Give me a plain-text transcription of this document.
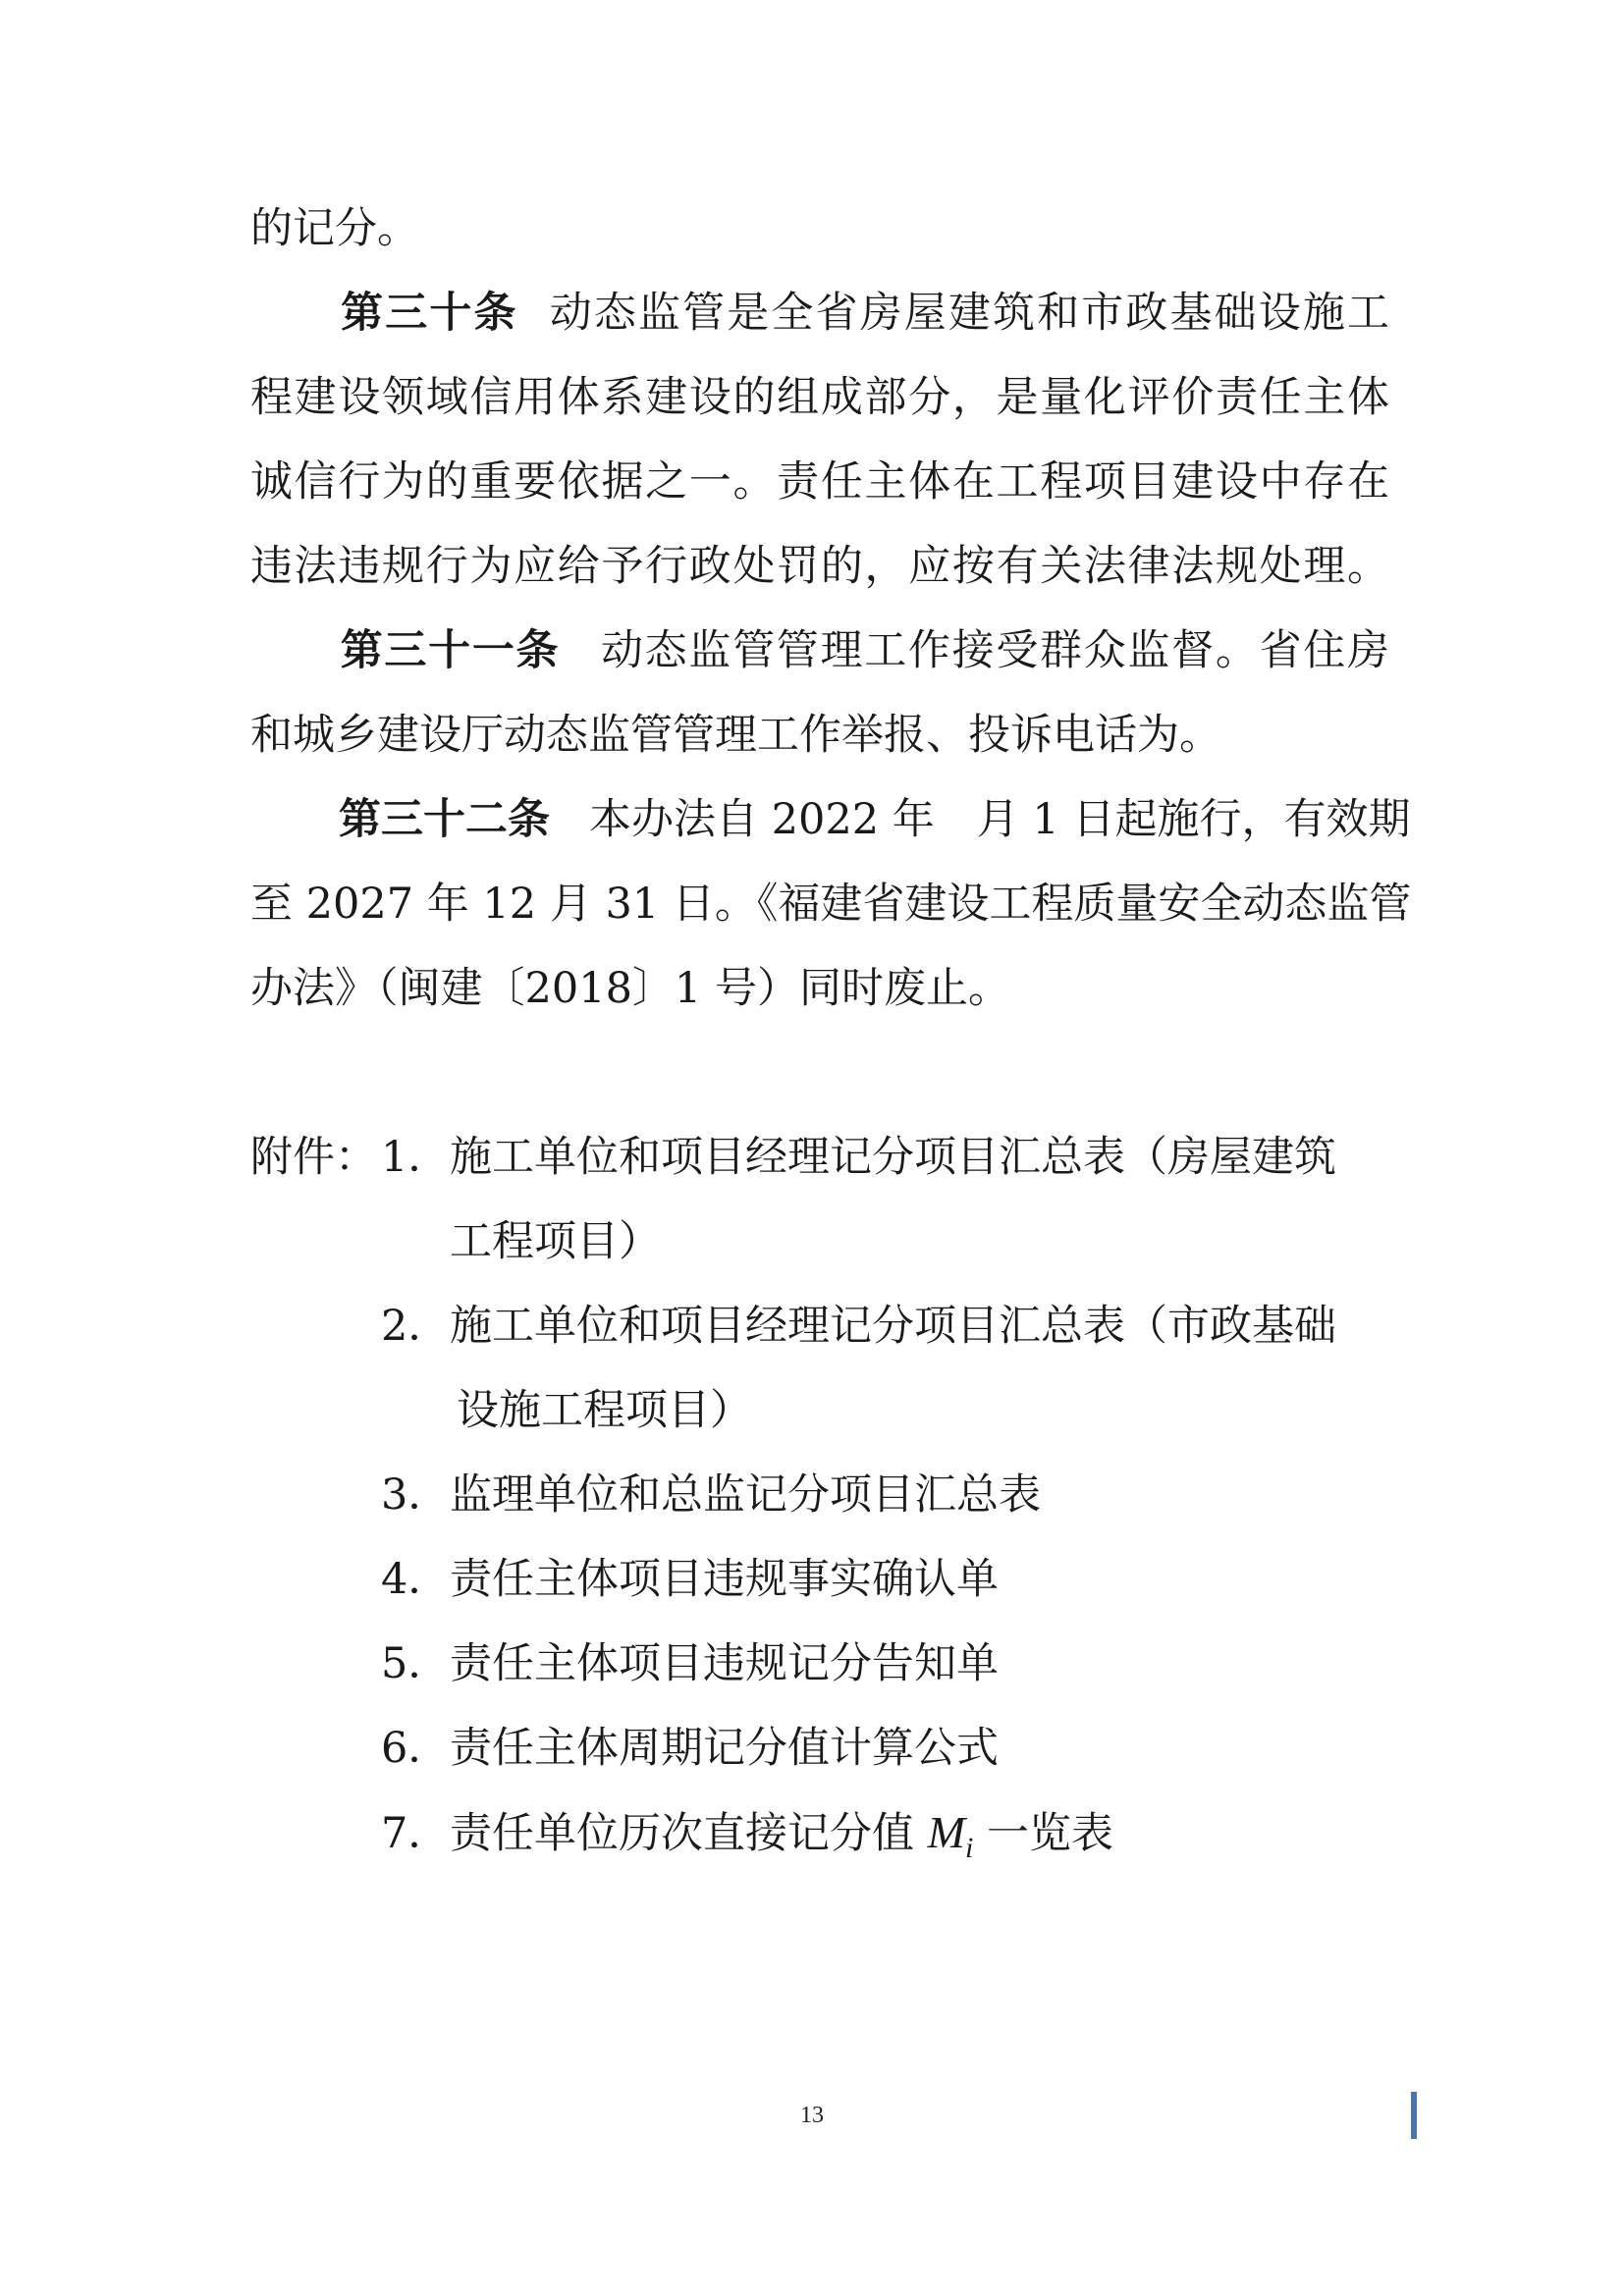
的记分。
第三十条 动态监管是全省房屋建筑和市政基础设施工
程建设领域信用体系建设的组成部分，是量化评价责任主体
诚信行为的重要依据之一。责任主体在工程项目建设中存在
违法违规行为应给予行政处罚的，应按有关法律法规处理。
第三十一条 动态监管管理工作接受群众监督。省住房
和城乡建设厅动态监管管理工作举报、投诉电话为。
第三十二条 本办法自 2022 年　月 1 日起施行，有效期
至 2027 年 12 月 31 日。《福建省建设工程质量安全动态监管
办法》（闽建〔2018〕1 号）同时废止。
附件： 1．施工单位和项目经理记分项目汇总表（房屋建筑
工程项目）
2．施工单位和项目经理记分项目汇总表（市政基础
设施工程项目）
3．监理单位和总监记分项目汇总表
4．责任主体项目违规事实确认单
5．责任主体项目违规记分告知单
6．责任主体周期记分值计算公式
7．责任单位历次直接记分值 $M_i$ 一览表
13
